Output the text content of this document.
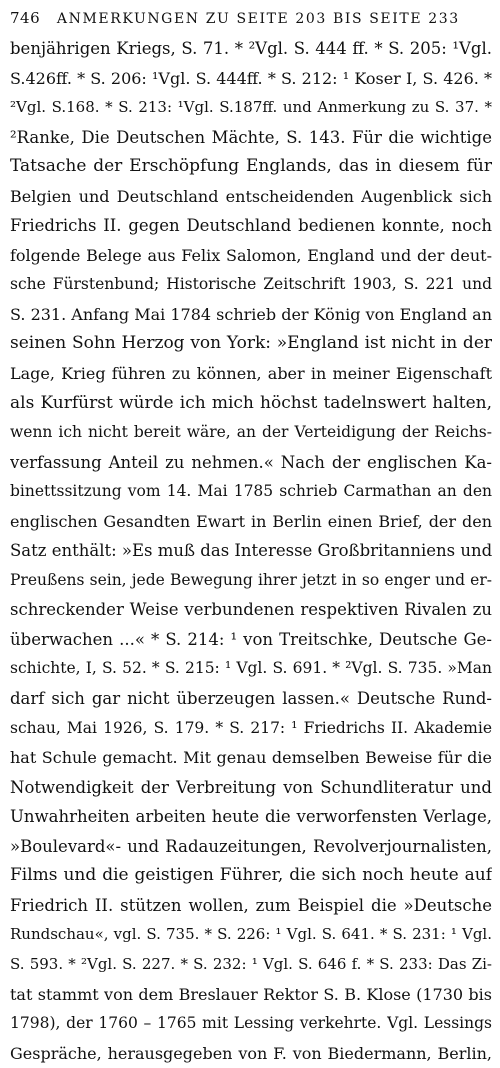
746 ANMERKUNGEN ZU SEITE 203 BIS SEITE 233
benjährigen Kriegs, S. 71. * ²Vgl. S. 444 ff. * S. 205: ¹Vgl.
S.426ff. * S. 206: ¹Vgl. S. 444ff. * S. 212: ¹ Koser I, S. 426. *
²Vgl. S.168. * S. 213: ¹Vgl. S.187ff. und Anmerkung zu S. 37. *
²Ranke, Die Deutschen Mächte, S. 143. Für die wichtige
Tatsache der Erschöpfung Englands, das in diesem für
Belgien und Deutschland entscheidenden Augenblick sich
Friedrichs II. gegen Deutschland bedienen konnte, noch
folgende Belege aus Felix Salomon, England und der deut-
sche Fürstenbund; Historische Zeitschrift 1903, S. 221 und
S. 231. Anfang Mai 1784 schrieb der König von England an
seinen Sohn Herzog von York: »England ist nicht in der
Lage, Krieg führen zu können, aber in meiner Eigenschaft
als Kurfürst würde ich mich höchst tadelnswert halten,
wenn ich nicht bereit wäre, an der Verteidigung der Reichs-
verfassung Anteil zu nehmen.« Nach der englischen Ka-
binettssitzung vom 14. Mai 1785 schrieb Carmathan an den
englischen Gesandten Ewart in Berlin einen Brief, der den
Satz enthält: »Es muß das Interesse Großbritanniens und
Preußens sein, jede Bewegung ihrer jetzt in so enger und er-
schreckender Weise verbundenen respektiven Rivalen zu
überwachen ...« * S. 214: ¹ von Treitschke, Deutsche Ge-
schichte, I, S. 52. * S. 215: ¹ Vgl. S. 691. * ²Vgl. S. 735. »Man
darf sich gar nicht überzeugen lassen.« Deutsche Rund-
schau, Mai 1926, S. 179. * S. 217: ¹ Friedrichs II. Akademie
hat Schule gemacht. Mit genau demselben Beweise für die
Notwendigkeit der Verbreitung von Schundliteratur und
Unwahrheiten arbeiten heute die verworfensten Verlage,
»Boulevard«- und Radauzeitungen, Revolverjournalisten,
Films und die geistigen Führer, die sich noch heute auf
Friedrich II. stützen wollen, zum Beispiel die »Deutsche
Rundschau«, vgl. S. 735. * S. 226: ¹ Vgl. S. 641. * S. 231: ¹ Vgl.
S. 593. * ²Vgl. S. 227. * S. 232: ¹ Vgl. S. 646 f. * S. 233: Das Zi-
tat stammt von dem Breslauer Rektor S. B. Klose (1730 bis
1798), der 1760 – 1765 mit Lessing verkehrte. Vgl. Lessings
Gespräche, herausgegeben von F. von Biedermann, Berlin,
